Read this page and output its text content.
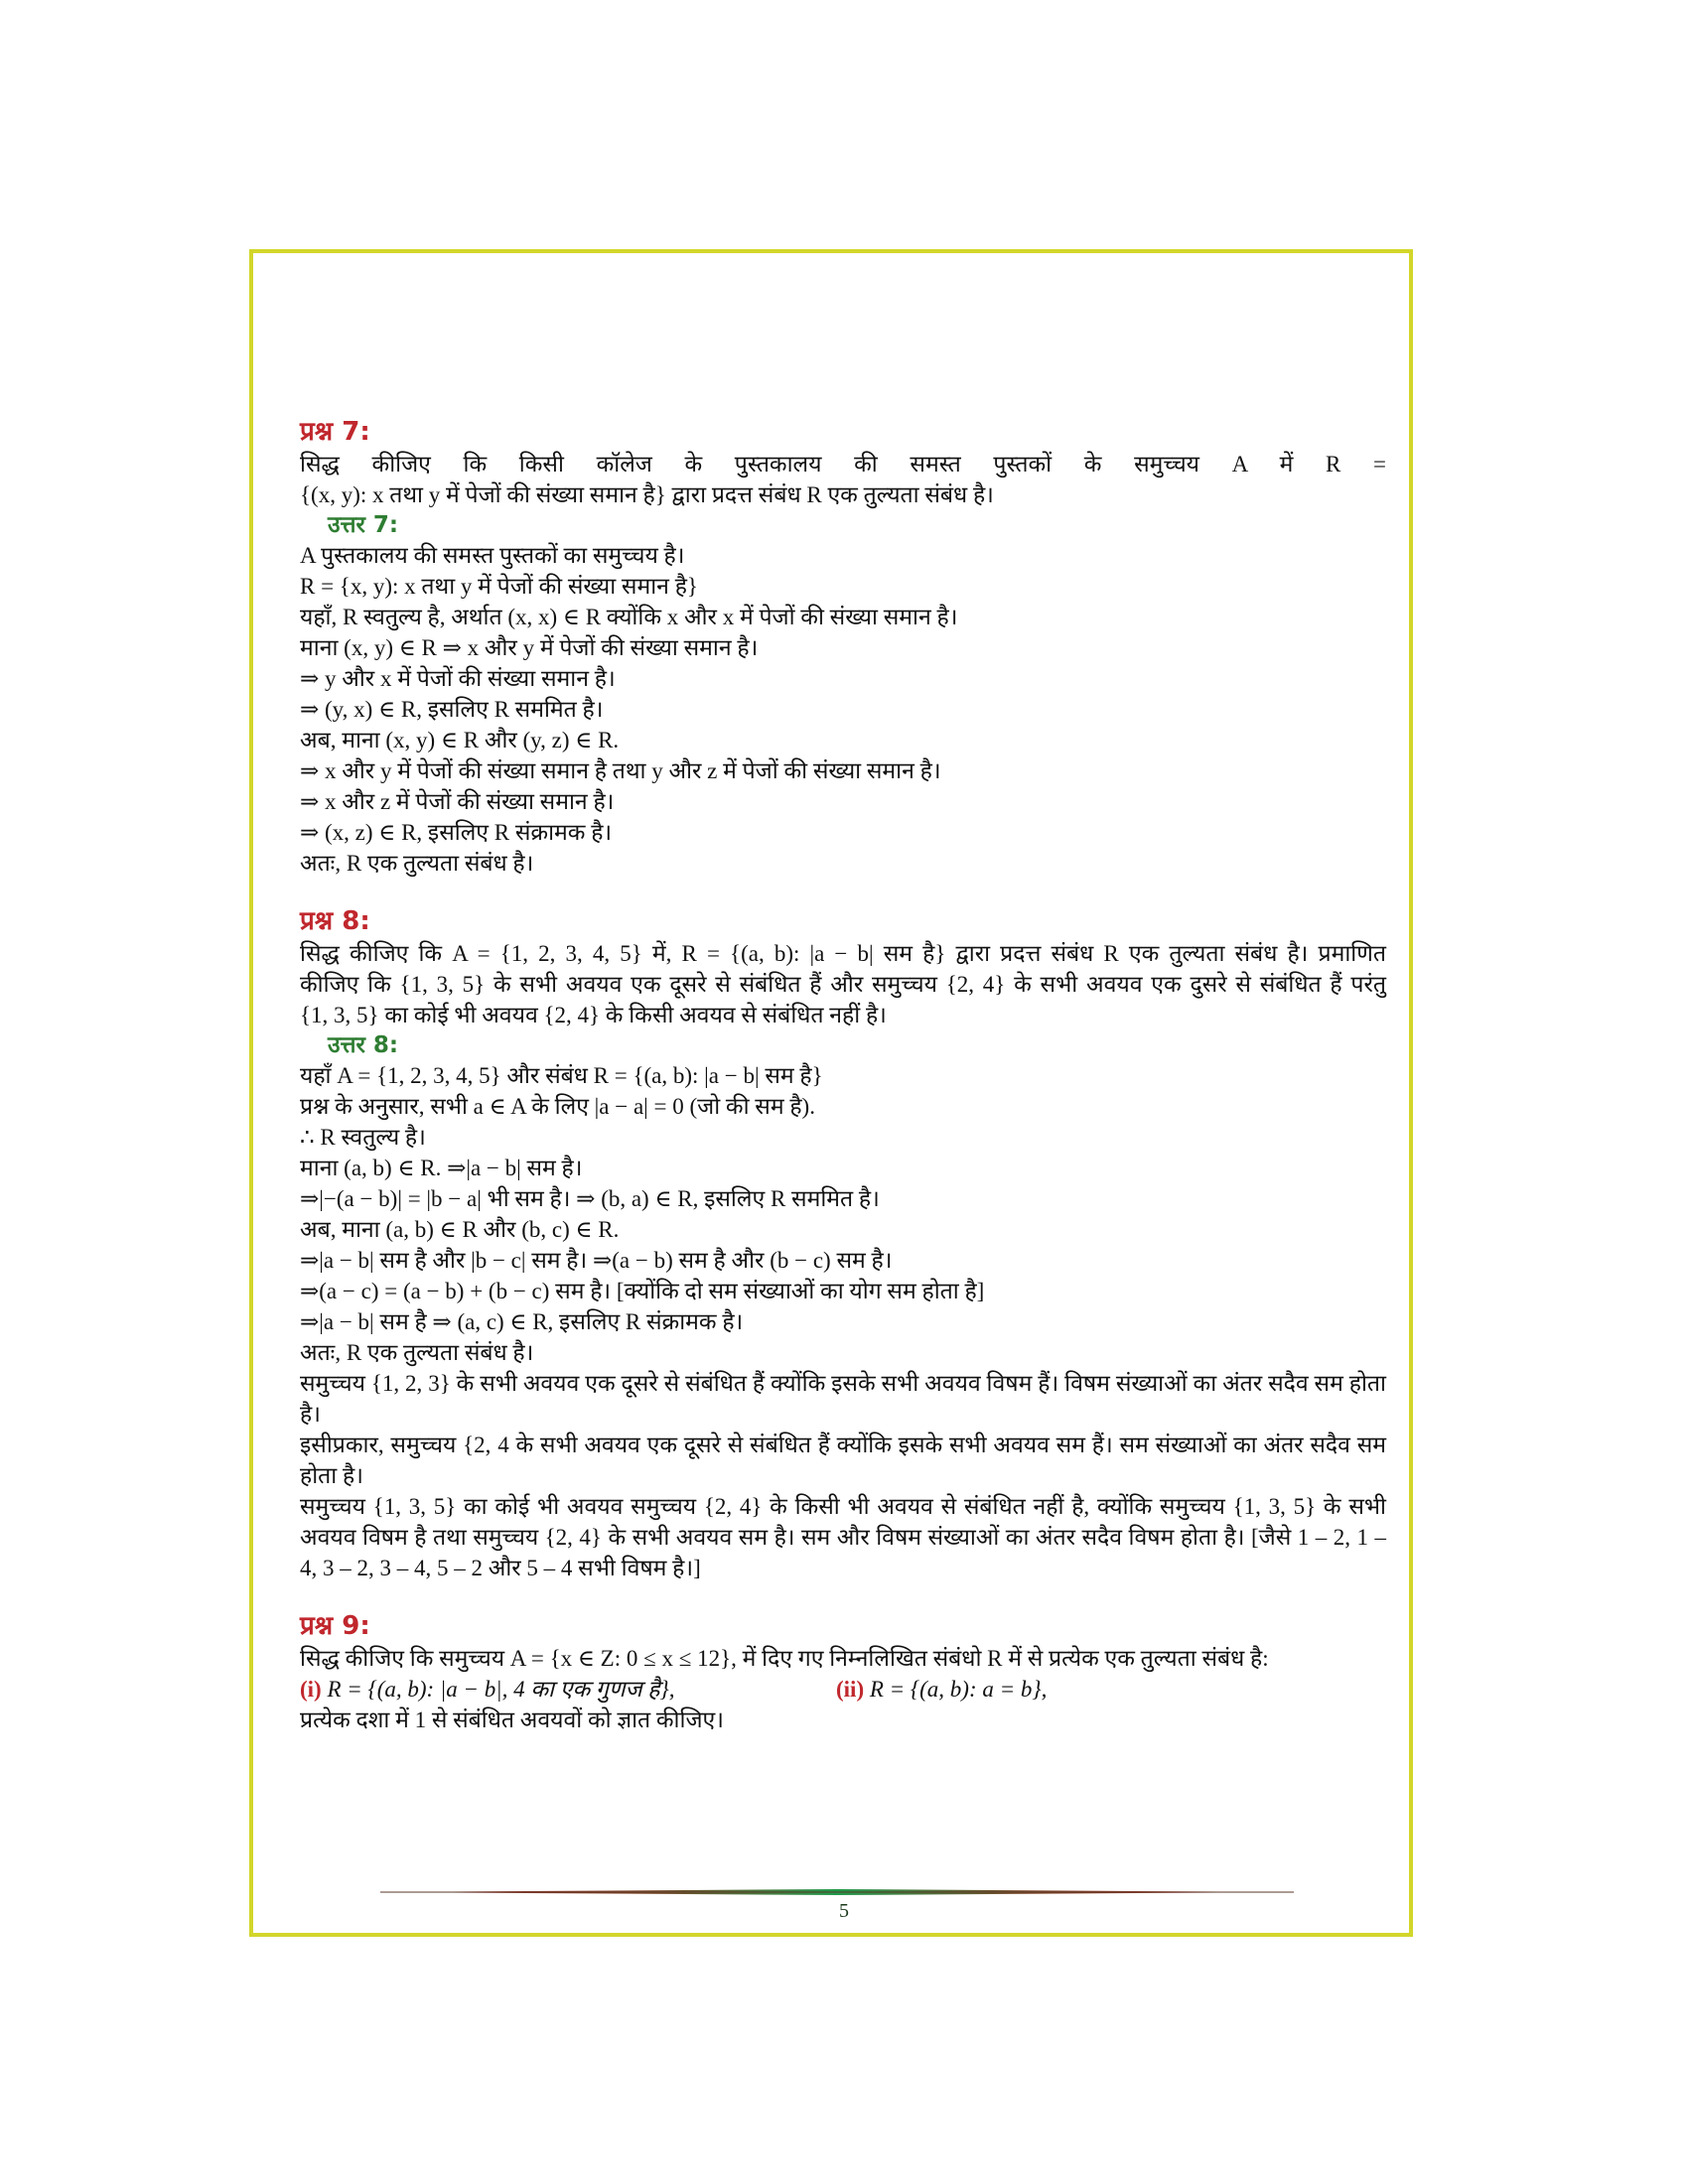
प्रश्न 7:
सिद्ध कीजिए कि किसी कॉलेज के पुस्तकालय की समस्त पुस्तकों के समुच्चय A में R =
{(x, y): x तथा y में पेजों की संख्या समान है} द्वारा प्रदत्त संबंध R एक तुल्यता संबंध है।
उत्तर 7:
A पुस्तकालय की समस्त पुस्तकों का समुच्चय है।
R = {x, y): x तथा y में पेजों की संख्या समान है}
यहाँ, R स्वतुल्य है, अर्थात (x, x) ∈ R क्योंकि x और x में पेजों की संख्या समान है।
माना (x, y) ∈ R ⇒ x और y में पेजों की संख्या समान है।
⇒ y और x में पेजों की संख्या समान है।
⇒ (y, x) ∈ R, इसलिए R सममित है।
अब, माना (x, y) ∈ R और (y, z) ∈ R.
⇒ x और y में पेजों की संख्या समान है तथा y और z में पेजों की संख्या समान है।
⇒ x और z में पेजों की संख्या समान है।
⇒ (x, z) ∈ R, इसलिए R संक्रामक है।
अतः, R एक तुल्यता संबंध है।
प्रश्न 8:
सिद्ध कीजिए कि A = {1, 2, 3, 4, 5} में, R = {(a, b): |a − b| सम है} द्वारा प्रदत्त संबंध R एक तुल्यता संबंध है। प्रमाणित
कीजिए कि {1, 3, 5} के सभी अवयव एक दूसरे से संबंधित हैं और समुच्चय {2, 4} के सभी अवयव एक दुसरे से संबंधित हैं परंतु
{1, 3, 5} का कोई भी अवयव {2, 4} के किसी अवयव से संबंधित नहीं है।
उत्तर 8:
यहाँ A = {1, 2, 3, 4, 5} और संबंध R = {(a, b): |a − b| सम है}
प्रश्न के अनुसार, सभी a ∈ A के लिए |a − a| = 0 (जो की सम है).
∴ R स्वतुल्य है।
माना (a, b) ∈ R. ⇒|a − b| सम है।
⇒|−(a − b)| = |b − a| भी सम है। ⇒ (b, a) ∈ R, इसलिए R सममित है।
अब, माना (a, b) ∈ R और (b, c) ∈ R.
⇒|a − b| सम है और |b − c| सम है। ⇒(a − b) सम है और (b − c) सम है।
⇒(a − c) = (a − b) + (b − c) सम है। [क्योंकि दो सम संख्याओं का योग सम होता है]
⇒|a − b| सम है ⇒ (a, c) ∈ R, इसलिए R संक्रामक है।
अतः, R एक तुल्यता संबंध है।
समुच्चय {1, 2, 3} के सभी अवयव एक दूसरे से संबंधित हैं क्योंकि इसके सभी अवयव विषम हैं। विषम संख्याओं का अंतर सदैव सम होता है।
इसीप्रकार, समुच्चय {2, 4 के सभी अवयव एक दूसरे से संबंधित हैं क्योंकि इसके सभी अवयव सम हैं। सम संख्याओं का अंतर सदैव सम होता है।
समुच्चय {1, 3, 5} का कोई भी अवयव समुच्चय {2, 4} के किसी भी अवयव से संबंधित नहीं है, क्योंकि समुच्चय {1, 3, 5} के सभी अवयव विषम है तथा समुच्चय {2, 4} के सभी अवयव सम है। सम और विषम संख्याओं का अंतर सदैव विषम होता है। [जैसे 1 – 2, 1 – 4, 3 – 2, 3 – 4, 5 – 2 और 5 – 4 सभी विषम है।]
प्रश्न 9:
सिद्ध कीजिए कि समुच्चय A = {x ∈ Z: 0 ≤ x ≤ 12}, में दिए गए निम्नलिखित संबंधो R में से प्रत्येक एक तुल्यता संबंध है:
(i) R = {(a, b): |a − b|, 4 का एक गुणज है},	(ii) R = {(a, b): a = b},
प्रत्येक दशा में 1 से संबंधित अवयवों को ज्ञात कीजिए।
5
